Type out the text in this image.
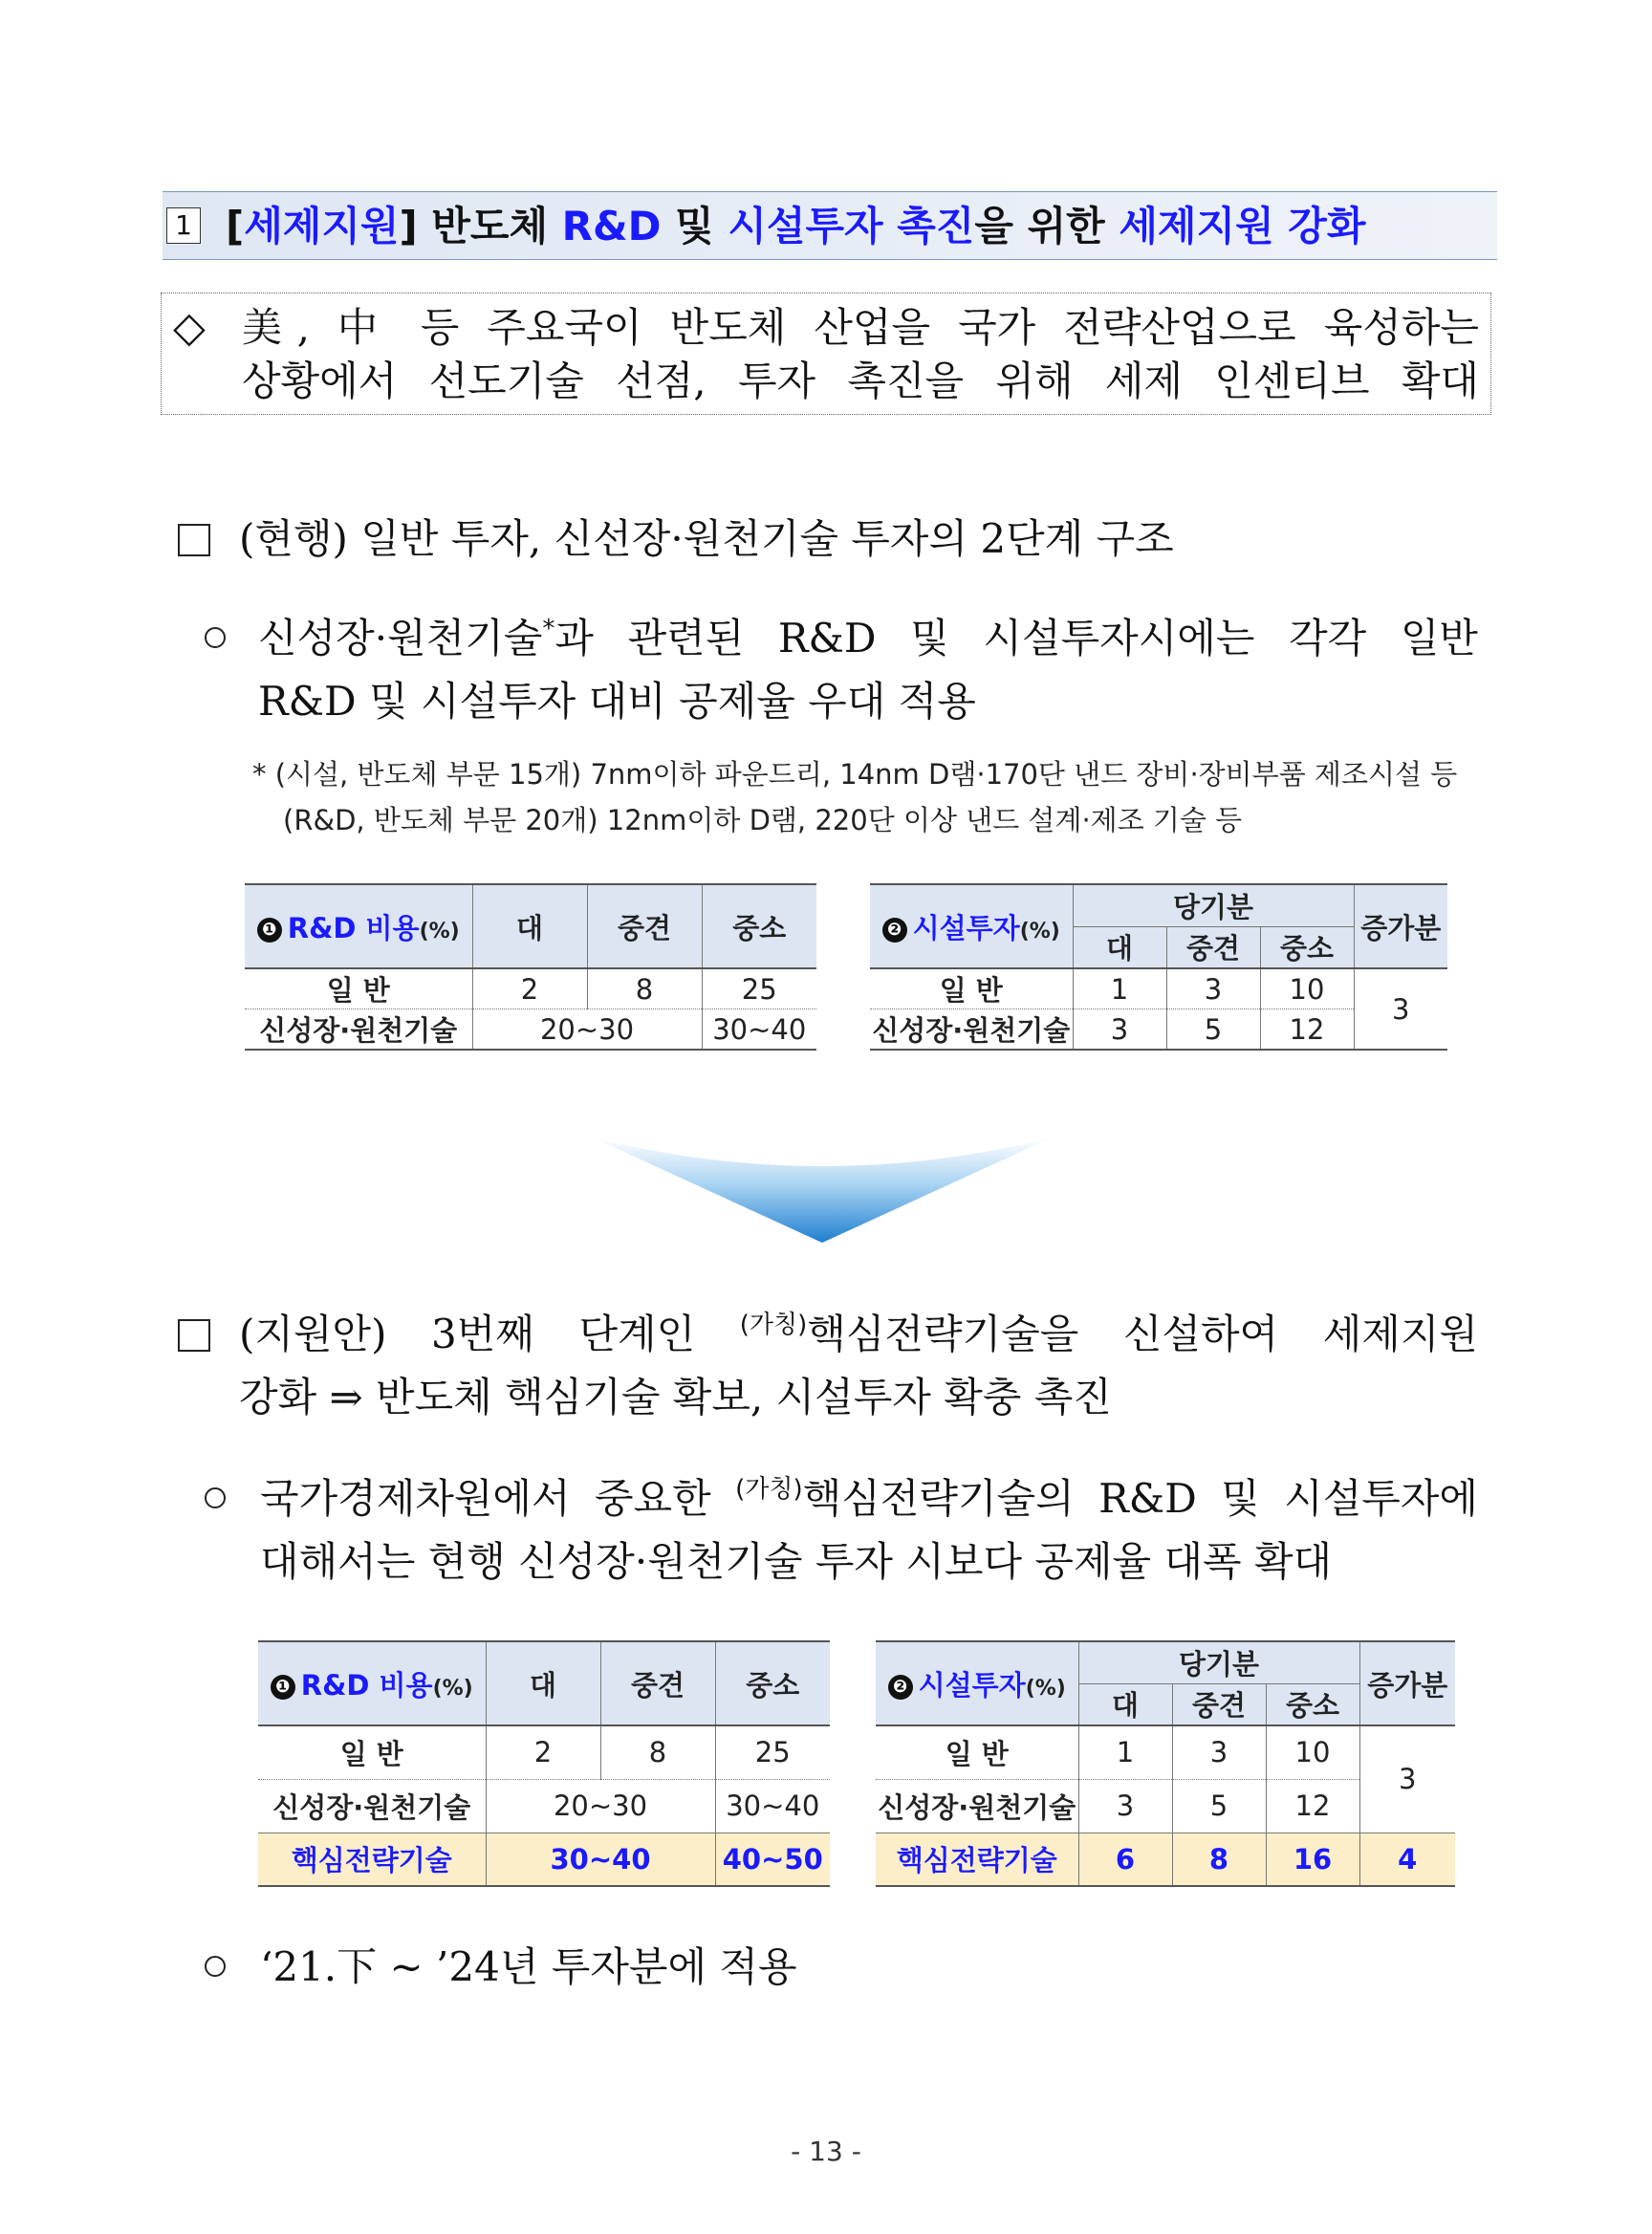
1 [세제지원] 반도체 R&D 및 시설투자 촉진을 위한 세제지원 강화
◇ 美, 中 등 주요국이 반도체 산업을 국가 전략산업으로 육성하는
상황에서 선도기술 선점, 투자 촉진을 위해 세제 인센티브 확대
(현행) 일반 투자, 신선장·원천기술 투자의 2단계 구조
신성장·원천기술*과 관련된 R&D 및 시설투자시에는 각각 일반
R&D 및 시설투자 대비 공제율 우대 적용
* (시설, 반도체 부문 15개) 7nm이하 파운드리, 14nm D램·170단 낸드 장비·장비부품 제조시설 등
(R&D, 반도체 부문 20개) 12nm이하 D램, 220단 이상 낸드 설계·제조 기술 등
❶ R&D 비용(%)	대	중견	중소
일 반	2	8	25
신성장·원천기술	20~30		30~40
❷ 시설투자(%)	당기분			증가분
	대	중견	중소	
일 반	1	3	10	3
신성장·원천기술	3	5	12	
(지원안) 3번째 단계인 $^{(가칭)}$핵심전략기술을 신설하여 세제지원
강화 ⇒ 반도체 핵심기술 확보, 시설투자 확충 촉진
국가경제차원에서 중요한 $^{(가칭)}$핵심전략기술의 R&D 및 시설투자에
대해서는 현행 신성장·원천기술 투자 시보다 공제율 대폭 확대
❶ R&D 비용(%)	대	중견	중소
일 반	2	8	25
신성장·원천기술	20~30		30~40
핵심전략기술	30~40		40~50
❷ 시설투자(%)	당기분			증가분
	대	중견	중소	
일 반	1	3	10	3
신성장·원천기술	3	5	12	
핵심전략기술	6	8	16	4
‘21.下 ~ ’24년 투자분에 적용
- 13 -
